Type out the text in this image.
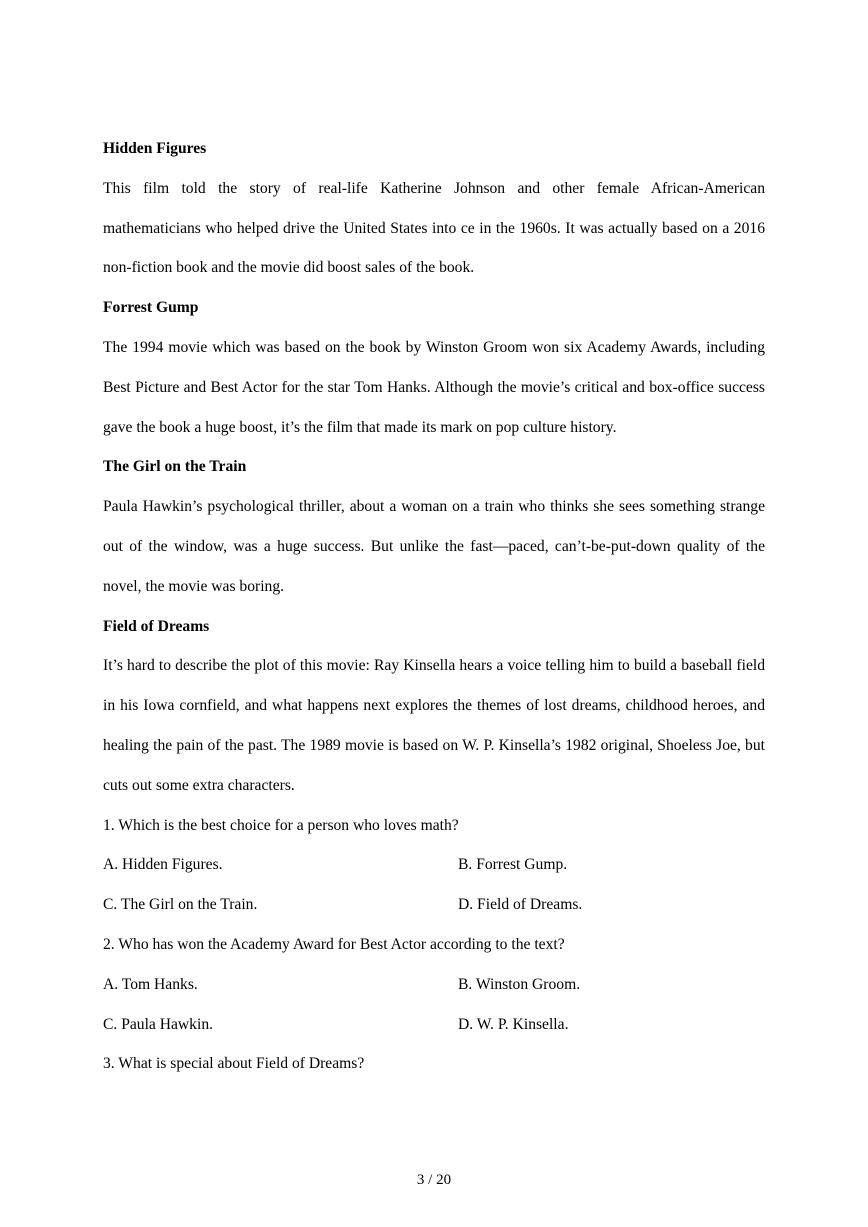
Hidden Figures

This film told the story of real-life Katherine Johnson and other female African-American mathematicians who helped drive the United States into ce in the 1960s. It was actually based on a 2016 non-fiction book and the movie did boost sales of the book.

Forrest Gump

The 1994 movie which was based on the book by Winston Groom won six Academy Awards, including Best Picture and Best Actor for the star Tom Hanks. Although the movie’s critical and box-office success gave the book a huge boost, it’s the film that made its mark on pop culture history.

The Girl on the Train

Paula Hawkin’s psychological thriller, about a woman on a train who thinks she sees something strange out of the window, was a huge success. But unlike the fast—paced, can’t-be-put-down quality of the novel, the movie was boring.

Field of Dreams

It’s hard to describe the plot of this movie: Ray Kinsella hears a voice telling him to build a baseball field in his Iowa cornfield, and what happens next explores the themes of lost dreams, childhood heroes, and healing the pain of the past. The 1989 movie is based on W. P. Kinsella’s 1982 original, Shoeless Joe, but cuts out some extra characters.

1. Which is the best choice for a person who loves math?

A. Hidden Figures.	B. Forrest Gump.

C. The Girl on the Train.	D. Field of Dreams.

2. Who has won the Academy Award for Best Actor according to the text?

A. Tom Hanks.	B. Winston Groom.

C. Paula Hawkin.	D. W. P. Kinsella.

3. What is special about Field of Dreams?

3 / 20
